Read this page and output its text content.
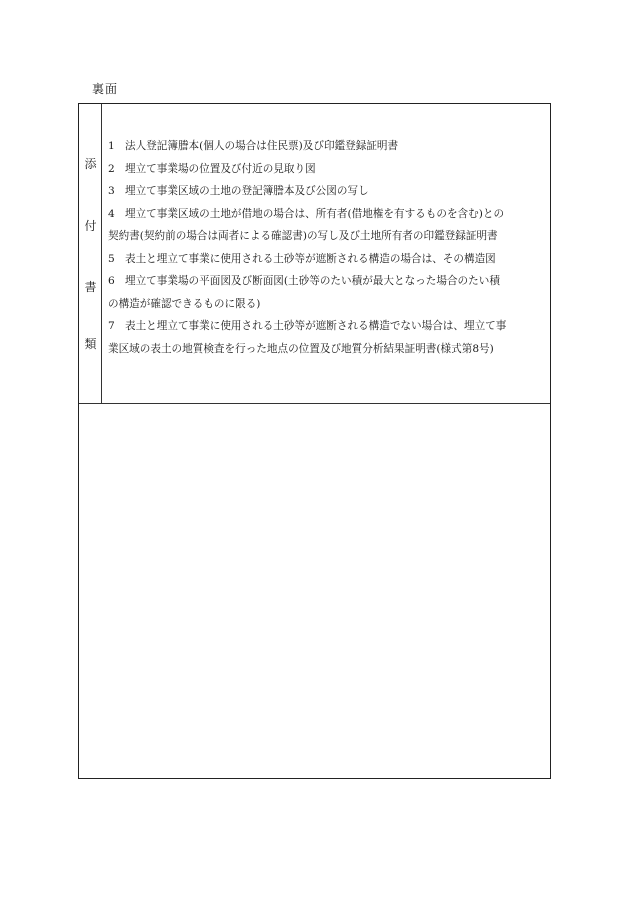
裏面
添
付
書
類
1 法人登記簿謄本(個人の場合は住民票)及び印鑑登録証明書
2 埋立て事業場の位置及び付近の見取り図
3 埋立て事業区域の土地の登記簿謄本及び公図の写し
4 埋立て事業区域の土地が借地の場合は、所有者(借地権を有するものを含む)との
契約書(契約前の場合は両者による確認書)の写し及び土地所有者の印鑑登録証明書
5 表土と埋立て事業に使用される土砂等が遮断される構造の場合は、その構造図
6 埋立て事業場の平面図及び断面図(土砂等のたい積が最大となった場合のたい積
の構造が確認できるものに限る)
7 表土と埋立て事業に使用される土砂等が遮断される構造でない場合は、埋立て事
業区域の表土の地質検査を行った地点の位置及び地質分析結果証明書(様式第8号)
